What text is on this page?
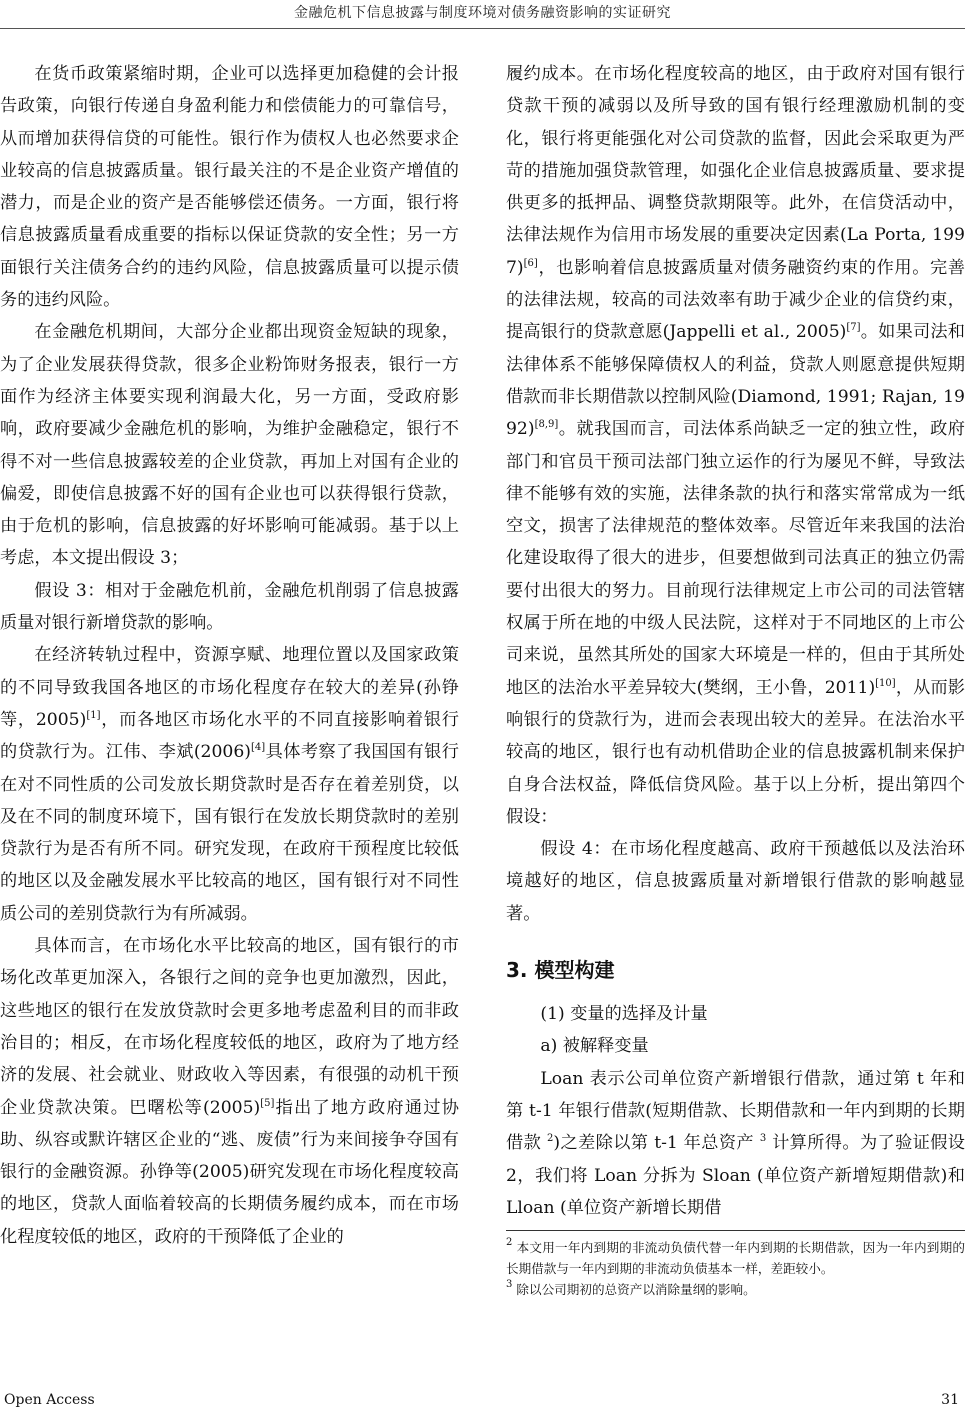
金融危机下信息披露与制度环境对债务融资影响的实证研究

在货币政策紧缩时期，企业可以选择更加稳健的会计报告政策，向银行传递自身盈利能力和偿债能力的可靠信号，从而增加获得信贷的可能性。银行作为债权人也必然要求企业较高的信息披露质量。银行最关注的不是企业资产增值的潜力，而是企业的资产是否能够偿还债务。一方面，银行将信息披露质量看成重要的指标以保证贷款的安全性；另一方面银行关注债务合约的违约风险，信息披露质量可以提示债务的违约风险。

在金融危机期间，大部分企业都出现资金短缺的现象，为了企业发展获得贷款，很多企业粉饰财务报表，银行一方面作为经济主体要实现利润最大化，另一方面，受政府影响，政府要减少金融危机的影响，为维护金融稳定，银行不得不对一些信息披露较差的企业贷款，再加上对国有企业的偏爱，即使信息披露不好的国有企业也可以获得银行贷款，由于危机的影响，信息披露的好坏影响可能减弱。基于以上考虑，本文提出假设 3；

假设 3：相对于金融危机前，金融危机削弱了信息披露质量对银行新增贷款的影响。

在经济转轨过程中，资源享赋、地理位置以及国家政策的不同导致我国各地区的市场化程度存在较大的差异(孙铮等，2005)[1]，而各地区市场化水平的不同直接影响着银行的贷款行为。江伟、李斌(2006)[4]具体考察了我国国有银行在对不同性质的公司发放长期贷款时是否存在着差别贷，以及在不同的制度环境下，国有银行在发放长期贷款时的差别贷款行为是否有所不同。研究发现，在政府干预程度比较低的地区以及金融发展水平比较高的地区，国有银行对不同性质公司的差别贷款行为有所减弱。

具体而言，在市场化水平比较高的地区，国有银行的市场化改革更加深入，各银行之间的竞争也更加激烈，因此，这些地区的银行在发放贷款时会更多地考虑盈利目的而非政治目的；相反，在市场化程度较低的地区，政府为了地方经济的发展、社会就业、财政收入等因素，有很强的动机干预企业贷款决策。巴曙松等(2005)[5]指出了地方政府通过协助、纵容或默许辖区企业的“逃、废债”行为来间接争夺国有银行的金融资源。孙铮等(2005)研究发现在市场化程度较高的地区，贷款人面临着较高的长期债务履约成本，而在市场化程度较低的地区，政府的干预降低了企业的

履约成本。在市场化程度较高的地区，由于政府对国有银行贷款干预的减弱以及所导致的国有银行经理激励机制的变化，银行将更能强化对公司贷款的监督，因此会采取更为严苛的措施加强贷款管理，如强化企业信息披露质量、要求提供更多的抵押品、调整贷款期限等。此外，在信贷活动中，法律法规作为信用市场发展的重要决定因素(La Porta, 1997)[6]，也影响着信息披露质量对债务融资约束的作用。完善的法律法规，较高的司法效率有助于减少企业的信贷约束，提高银行的贷款意愿(Jappelli et al., 2005)[7]。如果司法和法律体系不能够保障债权人的利益，贷款人则愿意提供短期借款而非长期借款以控制风险(Diamond, 1991; Rajan, 1992)[8,9]。就我国而言，司法体系尚缺乏一定的独立性，政府部门和官员干预司法部门独立运作的行为屡见不鲜，导致法律不能够有效的实施，法律条款的执行和落实常常成为一纸空文，损害了法律规范的整体效率。尽管近年来我国的法治化建设取得了很大的进步，但要想做到司法真正的独立仍需要付出很大的努力。目前现行法律规定上市公司的司法管辖权属于所在地的中级人民法院，这样对于不同地区的上市公司来说，虽然其所处的国家大环境是一样的，但由于其所处地区的法治水平差异较大(樊纲，王小鲁，2011)[10]，从而影响银行的贷款行为，进而会表现出较大的差异。在法治水平较高的地区，银行也有动机借助企业的信息披露机制来保护自身合法权益，降低信贷风险。基于以上分析，提出第四个假设：

假设 4：在市场化程度越高、政府干预越低以及法治环境越好的地区，信息披露质量对新增银行借款的影响越显著。

3. 模型构建

(1) 变量的选择及计量

a) 被解释变量

Loan 表示公司单位资产新增银行借款，通过第 t 年和第 t-1 年银行借款(短期借款、长期借款和一年内到期的长期借款 $^2$)之差除以第 t-1 年总资产 $^3$ 计算所得。为了验证假设 2，我们将 Loan 分拆为 Sloan (单位资产新增短期借款)和 Lloan (单位资产新增长期借

$^2$ 本文用一年内到期的非流动负债代替一年内到期的长期借款，因为一年内到期的长期借款与一年内到期的非流动负债基本一样，差距较小。

$^3$ 除以公司期初的总资产以消除量纲的影响。

Open Access	31
